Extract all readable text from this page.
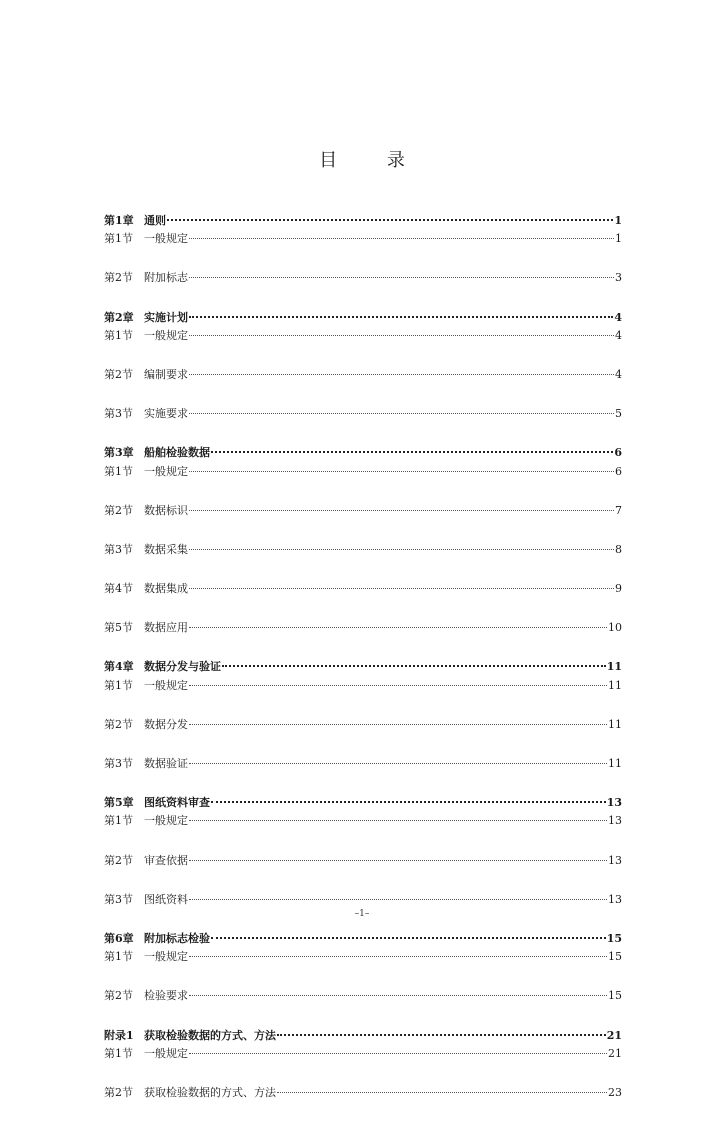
目 录
第1章 通则	1
第1节 一般规定	1
第2节 附加标志	3
第2章 实施计划	4
第1节 一般规定	4
第2节 编制要求	4
第3节 实施要求	5
第3章 船舶检验数据	6
第1节 一般规定	6
第2节 数据标识	7
第3节 数据采集	8
第4节 数据集成	9
第5节 数据应用	10
第4章 数据分发与验证	11
第1节 一般规定	11
第2节 数据分发	11
第3节 数据验证	11
第5章 图纸资料审查	13
第1节 一般规定	13
第2节 审查依据	13
第3节 图纸资料	13
第6章 附加标志检验	15
第1节 一般规定	15
第2节 检验要求	15
附录1 获取检验数据的方式、方法	21
第1节 一般规定	21
第2节 获取检验数据的方式、方法	23
–1–
